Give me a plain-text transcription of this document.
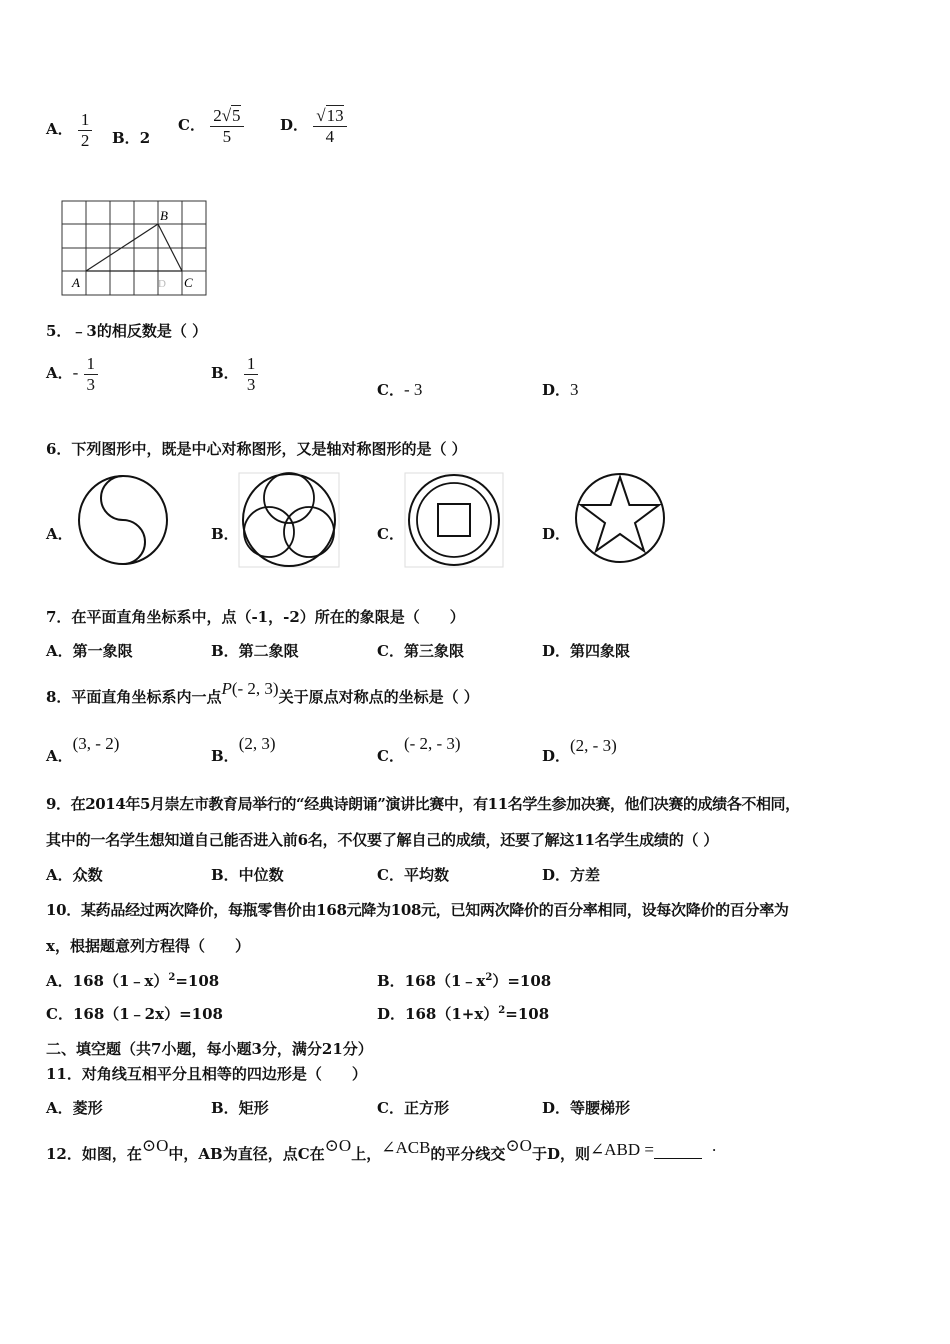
A． $\frac{1}{2}$ B．2
C． $\frac{2√5}{5}$ D． $\frac{√13}{4}$
A
B
C
D
5．﹣3的相反数是（ ）
A．- $\frac{1}{3}$	B． $\frac{1}{3}$	C．- 3	D．3
6．下列图形中，既是中心对称图形，又是轴对称图形的是（ ）
A．	B．	C．	D．
7．在平面直角坐标系中，点（-1，-2）所在的象限是（　　）
A．第一象限	B．第二象限	C．第三象限	D．第四象限
8．平面直角坐标系内一点P(- 2, 3)关于原点对称点的坐标是（ ）
A．(3, - 2)
B．(2, 3)
C．(- 2, - 3)
D．(2, - 3)
9．在2014年5月崇左市教育局举行的“经典诗朗诵”演讲比赛中，有11名学生参加决赛，他们决赛的成绩各不相同，
其中的一名学生想知道自己能否进入前6名，不仅要了解自己的成绩，还要了解这11名学生成绩的（ ）
A．众数	B．中位数	C．平均数	D．方差
10．某药品经过两次降价，每瓶零售价由168元降为108元，已知两次降价的百分率相同，设每次降价的百分率为
x，根据题意列方程得（　　）
A．168（1﹣x）$^2$=108	B．$168(1﹣x^2)=108$
C．168（1﹣2x）=108	D．$168(1+x)^2=108$
二、填空题（共7小题，每小题3分，满分21分）
11．对角线互相平分且相等的四边形是（　　）
A．菱形	B．矩形	C．正方形	D．等腰梯形
12．如图，在⊙O中，AB为直径，点C在⊙O上，∠ACB的平分线交⊙O于D，则∠ABD =	.
